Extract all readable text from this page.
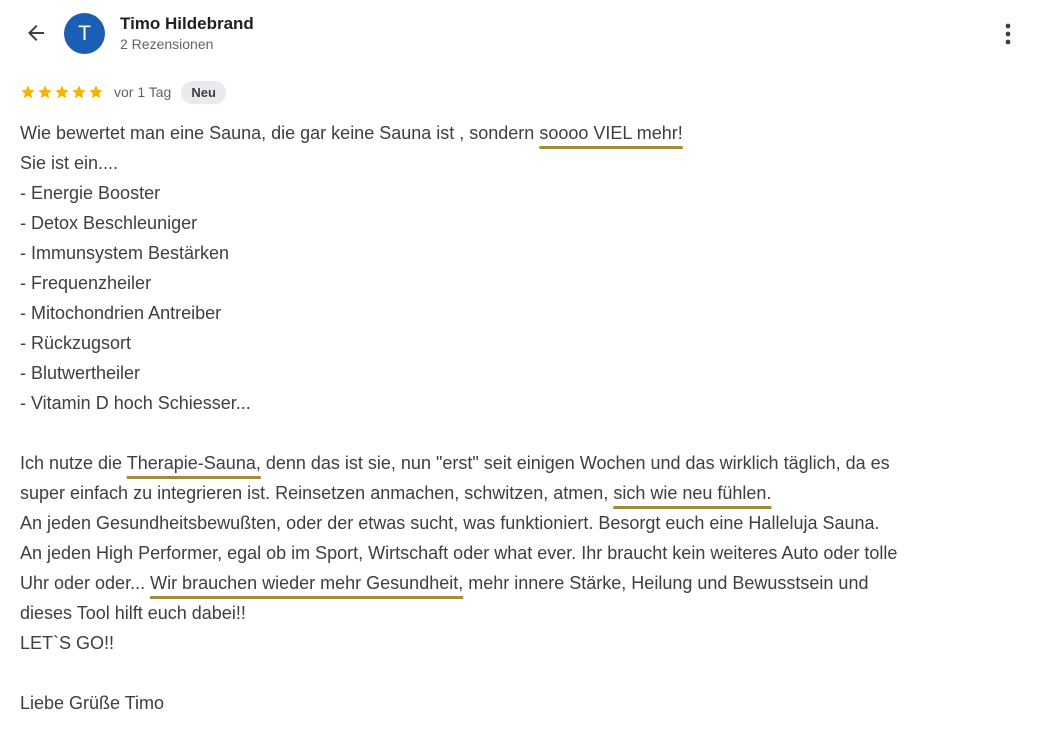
T Timo Hildebrand
2 Rezensionen
vor 1 Tag	Neu
Wie bewertet man eine Sauna, die gar keine Sauna ist , sondern soooo VIEL mehr!
Sie ist ein....
- Energie Booster
- Detox Beschleuniger
- Immunsystem Bestärken
- Frequenzheiler
- Mitochondrien Antreiber
- Rückzugsort
- Blutwertheiler
- Vitamin D hoch Schiesser...
Ich nutze die Therapie-Sauna, denn das ist sie, nun "erst" seit einigen Wochen und das wirklich täglich, da es
super einfach zu integrieren ist. Reinsetzen anmachen, schwitzen, atmen, sich wie neu fühlen.
An jeden Gesundheitsbewußten, oder der etwas sucht, was funktioniert. Besorgt euch eine Halleluja Sauna.
An jeden High Performer, egal ob im Sport, Wirtschaft oder what ever. Ihr braucht kein weiteres Auto oder tolle
Uhr oder oder... Wir brauchen wieder mehr Gesundheit, mehr innere Stärke, Heilung und Bewusstsein und
dieses Tool hilft euch dabei!!
LET`S GO!!
Liebe Grüße Timo
